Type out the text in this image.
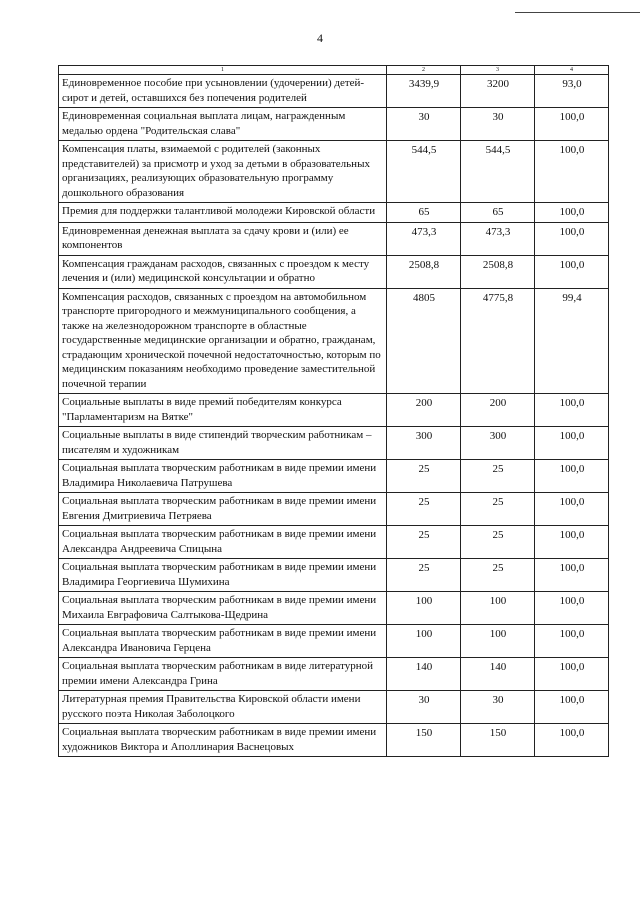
4
1	2	3	4
Единовременное пособие при усыновлении (удочерении) детей-сирот и детей, оставшихся без попечения родителей	3439,9	3200	93,0
Единовременная социальная выплата лицам, награжденным медалью ордена "Родительская слава"	30	30	100,0
Компенсация платы, взимаемой с родителей (законных представителей) за присмотр и уход за детьми в образовательных организациях, реализующих образовательную программу дошкольного образования	544,5	544,5	100,0
Премия для поддержки талантливой молодежи Кировской области	65	65	100,0
Единовременная денежная выплата за сдачу крови и (или) ее компонентов	473,3	473,3	100,0
Компенсация гражданам расходов, связанных с проездом к месту лечения и (или) медицинской консультации и обратно	2508,8	2508,8	100,0
Компенсация расходов, связанных с проездом на автомобильном транспорте пригородного и межмуниципального сообщения, а также на железнодорожном транспорте в областные государственные медицинские организации и обратно, гражданам, страдающим хронической почечной недостаточностью, которым по медицинским показаниям необходимо проведение заместительной почечной терапии	4805	4775,8	99,4
Социальные выплаты в виде премий победителям конкурса "Парламентаризм на Вятке"	200	200	100,0
Социальные выплаты в виде стипендий творческим работникам – писателям и художникам	300	300	100,0
Социальная выплата творческим работникам в виде премии имени Владимира Николаевича Патрушева	25	25	100,0
Социальная выплата творческим работникам в виде премии имени Евгения Дмитриевича Петряева	25	25	100,0
Социальная выплата творческим работникам в виде премии имени Александра Андреевича Спицына	25	25	100,0
Социальная выплата творческим работникам в виде премии имени Владимира Георгиевича Шумихина	25	25	100,0
Социальная выплата творческим работникам в виде премии имени Михаила Евграфовича Салтыкова-Щедрина	100	100	100,0
Социальная выплата творческим работникам в виде премии имени Александра Ивановича Герцена	100	100	100,0
Социальная выплата творческим работникам в виде литературной премии имени Александра Грина	140	140	100,0
Литературная премия Правительства Кировской области имени русского поэта Николая Заболоцкого	30	30	100,0
Социальная выплата творческим работникам в виде премии имени художников Виктора и Аполлинария Васнецовых	150	150	100,0
